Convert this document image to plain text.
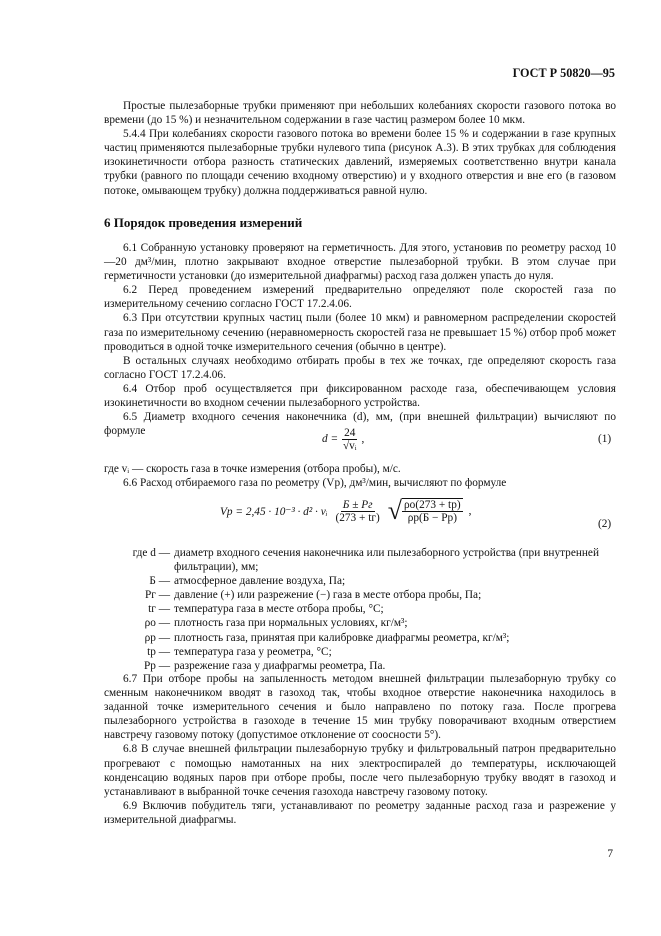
ГОСТ Р 50820—95

Простые пылезаборные трубки применяют при небольших колебаниях скорости газового потока во времени (до 15 %) и незначительном содержании в газе частиц размером более 10 мкм.

5.4.4 При колебаниях скорости газового потока во времени более 15 % и содержании в газе крупных частиц применяются пылезаборные трубки нулевого типа (рисунок А.3). В этих трубках для соблюдения изокинетичности отбора разность статических давлений, измеряемых соответственно внутри канала трубки (равного по площади сечению входному отверстию) и у входного отверстия и вне его (в газовом потоке, омывающем трубку) должна поддерживаться равной нулю.

6 Порядок проведения измерений

6.1 Собранную установку проверяют на герметичность. Для этого, установив по реометру расход 10—20 дм³/мин, плотно закрывают входное отверстие пылезаборной трубки. В этом случае при герметичности установки (до измерительной диафрагмы) расход газа должен упасть до нуля.

6.2 Перед проведением измерений предварительно определяют поле скоростей газа по измерительному сечению согласно ГОСТ 17.2.4.06.

6.3 При отсутствии крупных частиц пыли (более 10 мкм) и равномерном распределении скоростей газа по измерительному сечению (неравномерность скоростей газа не превышает 15 %) отбор проб может проводиться в одной точке измерительного сечения (обычно в центре).

В остальных случаях необходимо отбирать пробы в тех же точках, где определяют скорость газа согласно ГОСТ 17.2.4.06.

6.4 Отбор проб осуществляется при фиксированном расходе газа, обеспечивающем условия изокинетичности во входном сечении пылезаборного устройства.

6.5 Диаметр входного сечения наконечника (d), мм, (при внешней фильтрации) вычисляют по формуле

$d = \frac{24}{\text{√vᵢ}}$ ,	(1)

где vᵢ — скорость газа в точке измерения (отбора пробы), м/с.

6.6 Расход отбираемого газа по реометру (Vр), дм³/мин, вычисляют по формуле

Vр = 2,45 · 10⁻³ · d² · vᵢ $\frac{Б \pm Pг}{(273 + tг)}$ √ $\frac{\rho о(273 + tр)}{\rho р(Б - Pр)}$ ,
(2)
где d — диаметр входного сечения наконечника или пылезаборного устройства (при внутренней фильтрации), мм;
Б — атмосферное давление воздуха, Па;
Pг — давление (+) или разрежение (−) газа в месте отбора пробы, Па;
tг — температура газа в месте отбора пробы, °С;
ρо — плотность газа при нормальных условиях, кг/м³;
ρр — плотность газа, принятая при калибровке диафрагмы реометра, кг/м³;
tр — температура газа у реометра, °С;
Pр — разрежение газа у диафрагмы реометра, Па.

6.7 При отборе пробы на запыленность методом внешней фильтрации пылезаборную трубку со сменным наконечником вводят в газоход так, чтобы входное отверстие наконечника находилось в заданной точке измерительного сечения и было направлено по потоку газа. После прогрева пылезаборного устройства в газоходе в течение 15 мин трубку поворачивают входным отверстием навстречу газовому потоку (допустимое отклонение от соосности 5°).

6.8 В случае внешней фильтрации пылезаборную трубку и фильтровальный патрон предварительно прогревают с помощью намотанных на них электроспиралей до температуры, исключающей конденсацию водяных паров при отборе пробы, после чего пылезаборную трубку вводят в газоход и устанавливают в выбранной точке сечения газохода навстречу газовому потоку.

6.9 Включив побудитель тяги, устанавливают по реометру заданные расход газа и разрежение у измерительной диафрагмы.

7
